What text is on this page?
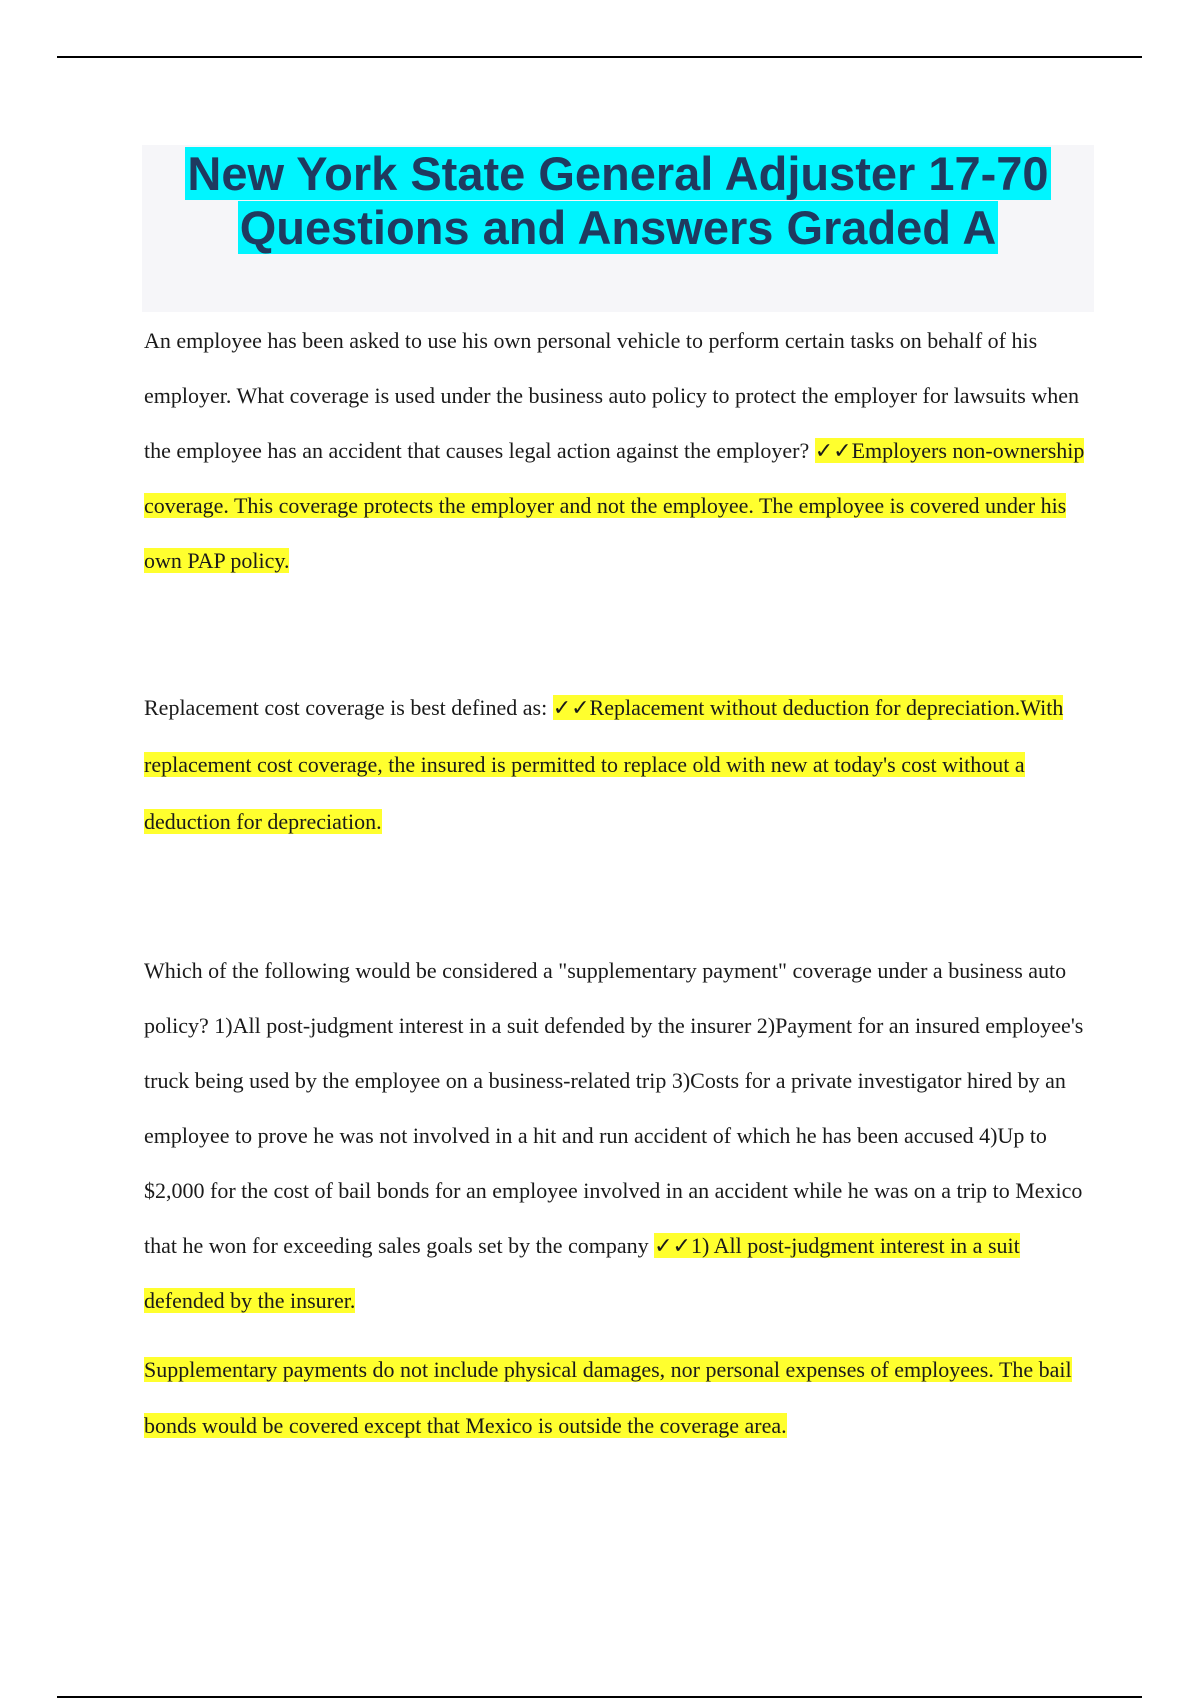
New York State General Adjuster 17-70
Questions and Answers Graded A

An employee has been asked to use his own personal vehicle to perform certain tasks on behalf of his employer. What coverage is used under the business auto policy to protect the employer for lawsuits when the employee has an accident that causes legal action against the employer? ✓✓Employers non-ownership coverage. This coverage protects the employer and not the employee. The employee is covered under his own PAP policy.

Replacement cost coverage is best defined as: ✓✓Replacement without deduction for depreciation.With replacement cost coverage, the insured is permitted to replace old with new at today's cost without a deduction for depreciation.

Which of the following would be considered a "supplementary payment" coverage under a business auto policy? 1)All post-judgment interest in a suit defended by the insurer 2)Payment for an insured employee's truck being used by the employee on a business-related trip 3)Costs for a private investigator hired by an employee to prove he was not involved in a hit and run accident of which he has been accused 4)Up to $2,000 for the cost of bail bonds for an employee involved in an accident while he was on a trip to Mexico that he won for exceeding sales goals set by the company ✓✓1) All post-judgment interest in a suit defended by the insurer.

Supplementary payments do not include physical damages, nor personal expenses of employees. The bail bonds would be covered except that Mexico is outside the coverage area.
